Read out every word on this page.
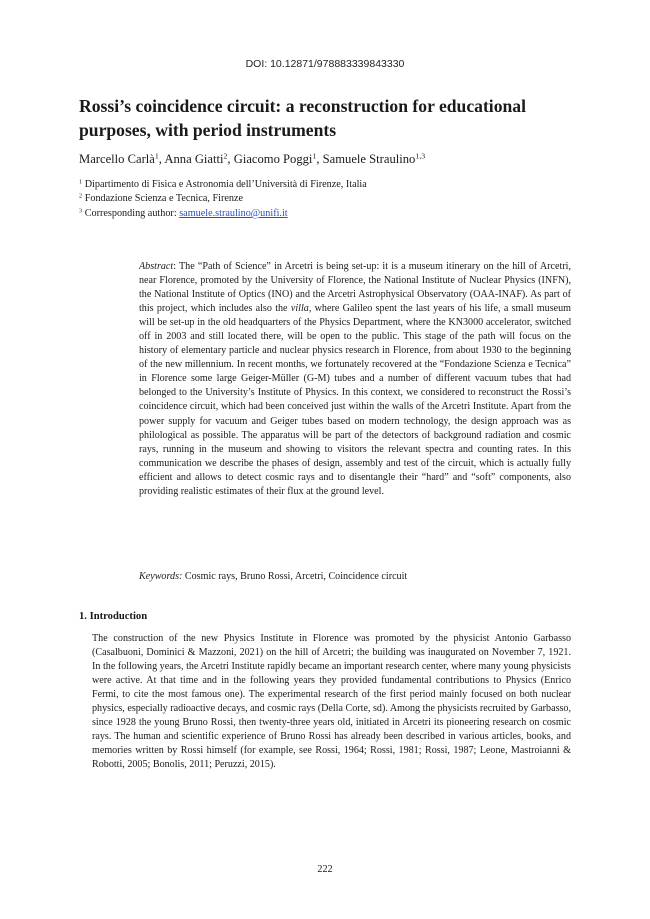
DOI: 10.12871/978883339843330
Rossi’s coincidence circuit: a reconstruction for educational purposes, with period instruments
Marcello Carlà$^1$, Anna Giatti$^2$, Giacomo Poggi$^1$, Samuele Straulino$^{1,3}$
$^1$ Dipartimento di Fisica e Astronomia dell’Università di Firenze, Italia
$^2$ Fondazione Scienza e Tecnica, Firenze
$^3$ Corresponding author: samuele.straulino@unifi.it

Abstract: The “Path of Science” in Arcetri is being set-up: it is a museum itinerary on the hill of Arcetri, near Florence, promoted by the University of Florence, the National Institute of Nuclear Physics (INFN), the National Institute of Optics (INO) and the Arcetri Astrophysical Observatory (OAA-INAF). As part of this project, which includes also the villa, where Galileo spent the last years of his life, a small museum will be set-up in the old headquarters of the Physics Department, where the KN3000 accelerator, switched off in 2003 and still located there, will be open to the public. This stage of the path will focus on the history of elementary particle and nuclear physics research in Florence, from about 1930 to the beginning of the new millennium. In recent months, we fortunately recovered at the “Fondazione Scienza e Tecnica” in Florence some large Geiger-Müller (G-M) tubes and a number of different vacuum tubes that had belonged to the University’s Institute of Physics. In this context, we considered to reconstruct the Rossi’s coincidence circuit, which had been conceived just within the walls of the Arcetri Institute. Apart from the power supply for vacuum and Geiger tubes based on modern technology, the design approach was as philological as possible. The apparatus will be part of the detectors of background radiation and cosmic rays, running in the museum and showing to visitors the relevant spectra and counting rates. In this communication we describe the phases of design, assembly and test of the circuit, which is actually fully efficient and allows to detect cosmic rays and to disentangle their “hard” and “soft” components, also providing realistic estimates of their flux at the ground level.

Keywords: Cosmic rays, Bruno Rossi, Arcetri, Coincidence circuit
1. Introduction

The construction of the new Physics Institute in Florence was promoted by the physicist Antonio Garbasso (Casalbuoni, Dominici & Mazzoni, 2021) on the hill of Arcetri; the building was inaugurated on November 7, 1921. In the following years, the Arcetri Institute rapidly became an important research center, where many young physicists were active. At that time and in the following years they provided fundamental contributions to Physics (Enrico Fermi, to cite the most famous one). The experimental research of the first period mainly focused on both nuclear physics, especially radioactive decays, and cosmic rays (Della Corte, sd). Among the physicists recruited by Garbasso, since 1928 the young Bruno Rossi, then twenty-three years old, initiated in Arcetri its pioneering research on cosmic rays. The human and scientific experience of Bruno Rossi has already been described in various articles, books, and memories written by Rossi himself (for example, see Rossi, 1964; Rossi, 1981; Rossi, 1987; Leone, Mastroianni & Robotti, 2005; Bonolis, 2011; Peruzzi, 2015).

222
